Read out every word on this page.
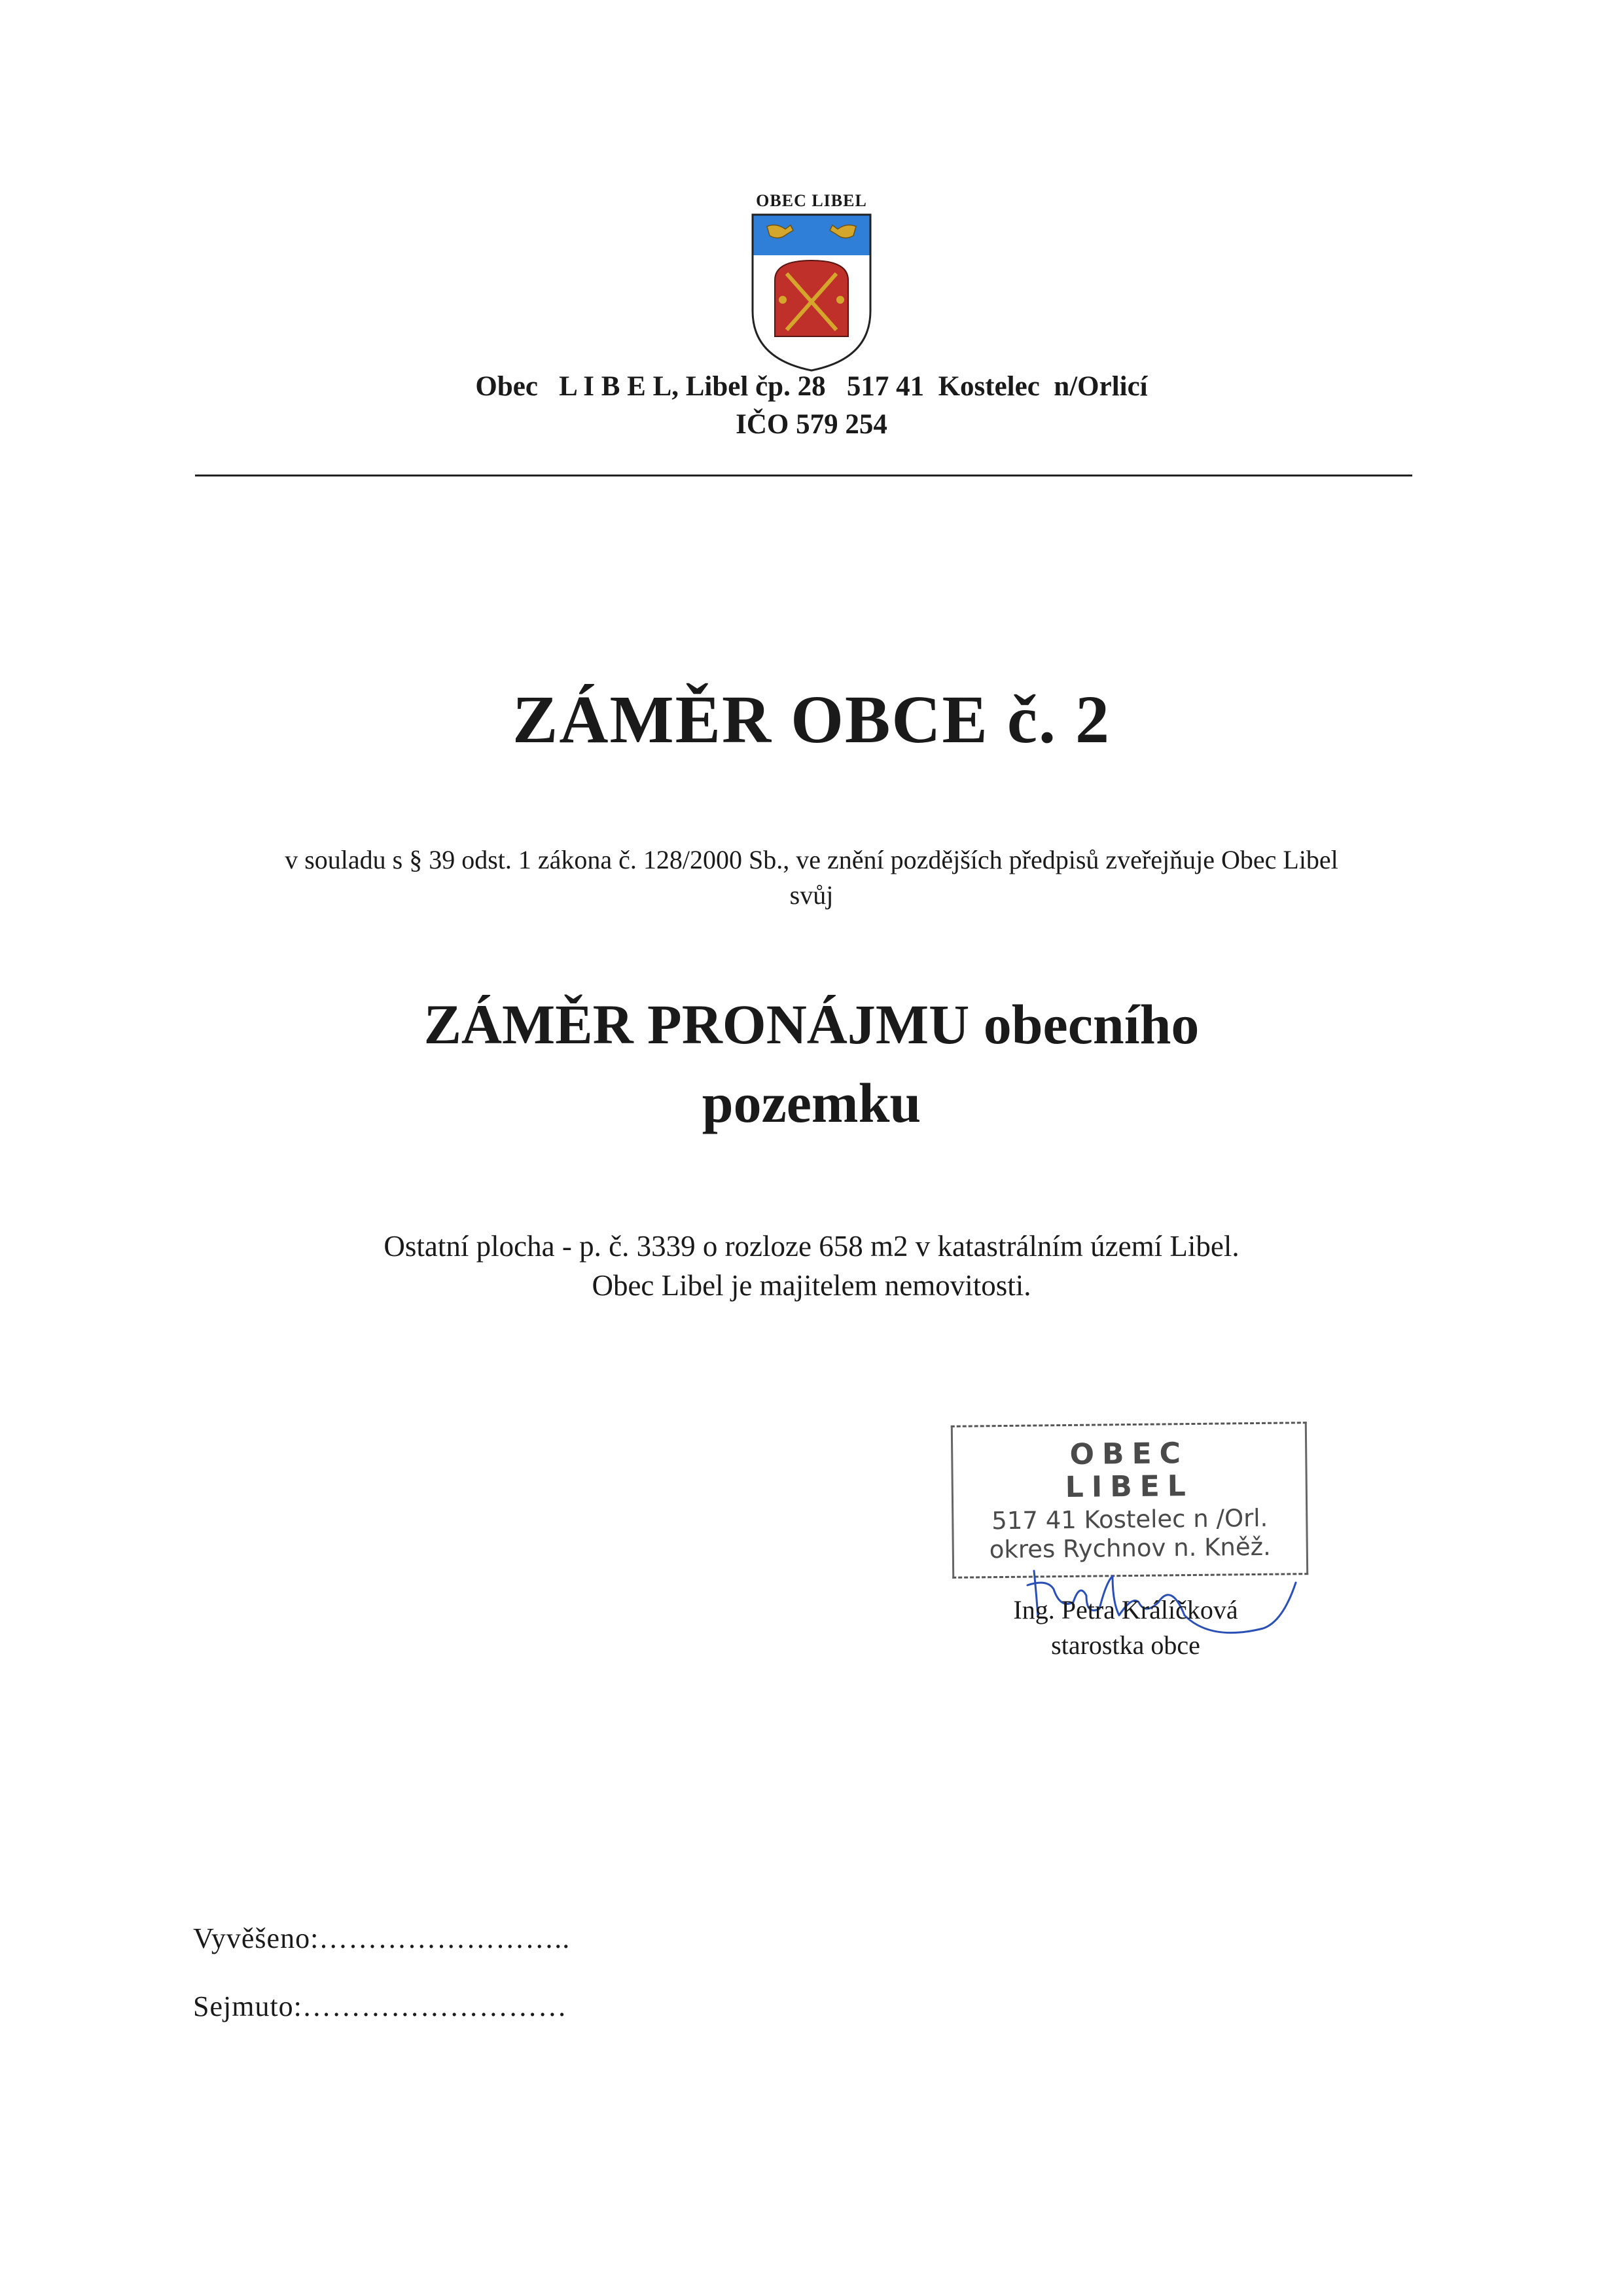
OBEC LIBEL
Obec L I B E L, Libel čp. 28 517 41 Kostelec  n/Orlicí
IČO 579 254
ZÁMĚR OBCE č. 2
v souladu s § 39 odst. 1 zákona č. 128/2000 Sb., ve znění pozdějších předpisů zveřejňuje Obec Libel
svůj
ZÁMĚR PRONÁJMU obecního
pozemku
Ostatní plocha - p. č. 3339 o rozloze 658 m2 v katastrálním území Libel.
Obec Libel je majitelem nemovitosti.
OBEC
LIBEL
517 41 Kostelec n /Orl.
okres Rychnov n. Kněž.
Ing. Petra Králíčková
starostka obce
Vyvěšeno:……………………..
Sejmuto:………………………
